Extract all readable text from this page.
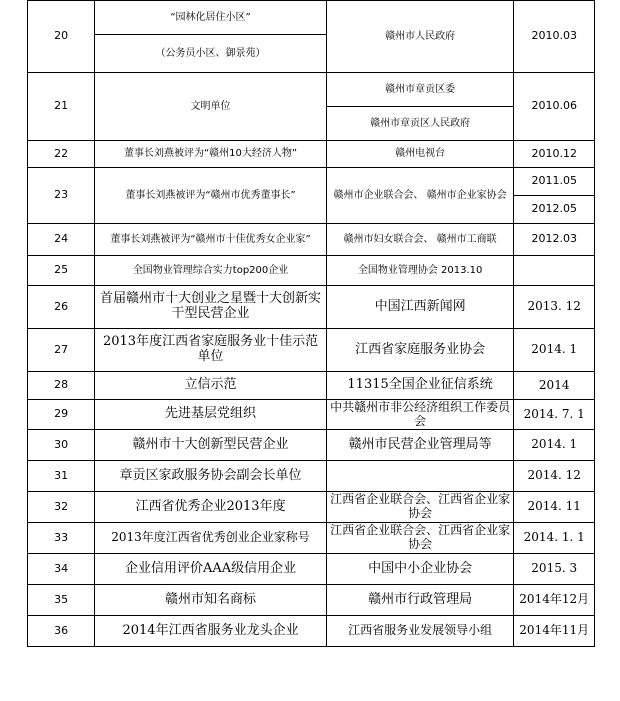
20	“园林化居住小区”	赣州市人民政府	2010.03
	（公务员小区、御景苑）		
21	文明单位	赣州市章贡区委	2010.06
		赣州市章贡区人民政府	
22	董事长刘燕被评为“赣州10大经济人物”	赣州电视台	2010.12
23	董事长刘燕被评为“赣州市优秀董事长”	赣州市企业联合会、 赣州市企业家协会	2011.05
			2012.05
24	董事长刘燕被评为“赣州市十佳优秀女企业家”	赣州市妇女联合会、 赣州市工商联	2012.03
25	全国物业管理综合实力top200企业	全国物业管理协会 2013.10	
26	首届赣州市十大创业之星暨十大创新实干型民营企业	中国江西新闻网	2013. 12
27	2013年度江西省家庭服务业十佳示范单位	江西省家庭服务业协会	2014. 1
28	立信示范	11315全国企业征信系统	2014
29	先进基层党组织	中共赣州市非公经济组织工作委员会	2014. 7. 1
30	赣州市十大创新型民营企业	赣州市民营企业管理局等	2014. 1
31	章贡区家政服务协会副会长单位		2014. 12
32	江西省优秀企业2013年度	江西省企业联合会、江西省企业家协会	2014. 11
33	2013年度江西省优秀创业企业家称号	江西省企业联合会、江西省企业家协会	2014. 1. 1
34	企业信用评价AAA级信用企业	中国中小企业协会	2015. 3
35	赣州市知名商标	赣州市行政管理局	2014年12月
36	2014年江西省服务业龙头企业	江西省服务业发展领导小组	2014年11月
